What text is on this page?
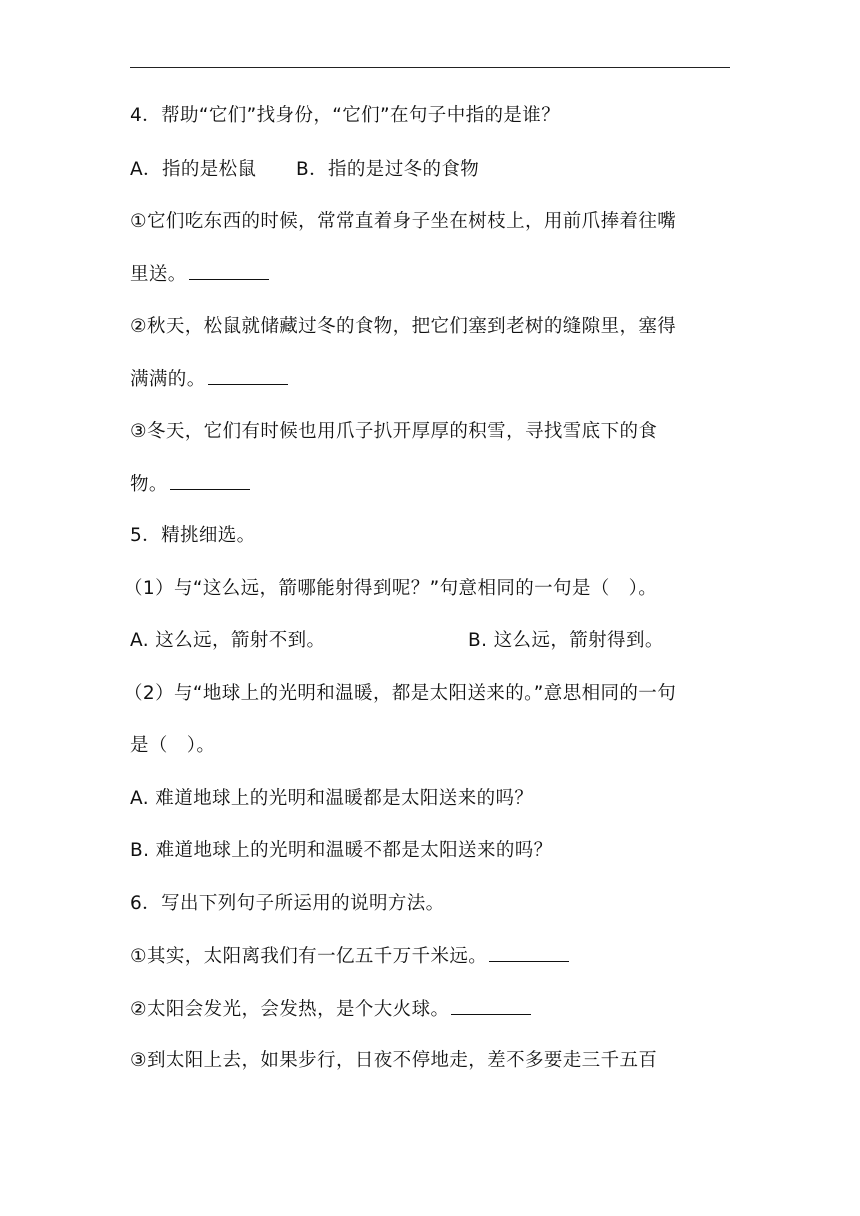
4．帮助“它们”找身份，“它们”在句子中指的是谁？
A．指的是松鼠 B．指的是过冬的食物
①它们吃东西的时候，常常直着身子坐在树枝上，用前爪捧着往嘴
里送。
②秋天，松鼠就储藏过冬的食物，把它们塞到老树的缝隙里，塞得
满满的。
③冬天，它们有时候也用爪子扒开厚厚的积雪，寻找雪底下的食
物。
5．精挑细选。
（1）与“这么远，箭哪能射得到呢？”句意相同的一句是（　）。
A. 这么远，箭射不到。	B. 这么远，箭射得到。
（2）与“地球上的光明和温暖，都是太阳送来的。”意思相同的一句
是（　）。
A. 难道地球上的光明和温暖都是太阳送来的吗？
B. 难道地球上的光明和温暖不都是太阳送来的吗？
6．写出下列句子所运用的说明方法。
①其实，太阳离我们有一亿五千万千米远。
②太阳会发光，会发热，是个大火球。
③到太阳上去，如果步行，日夜不停地走，差不多要走三千五百
